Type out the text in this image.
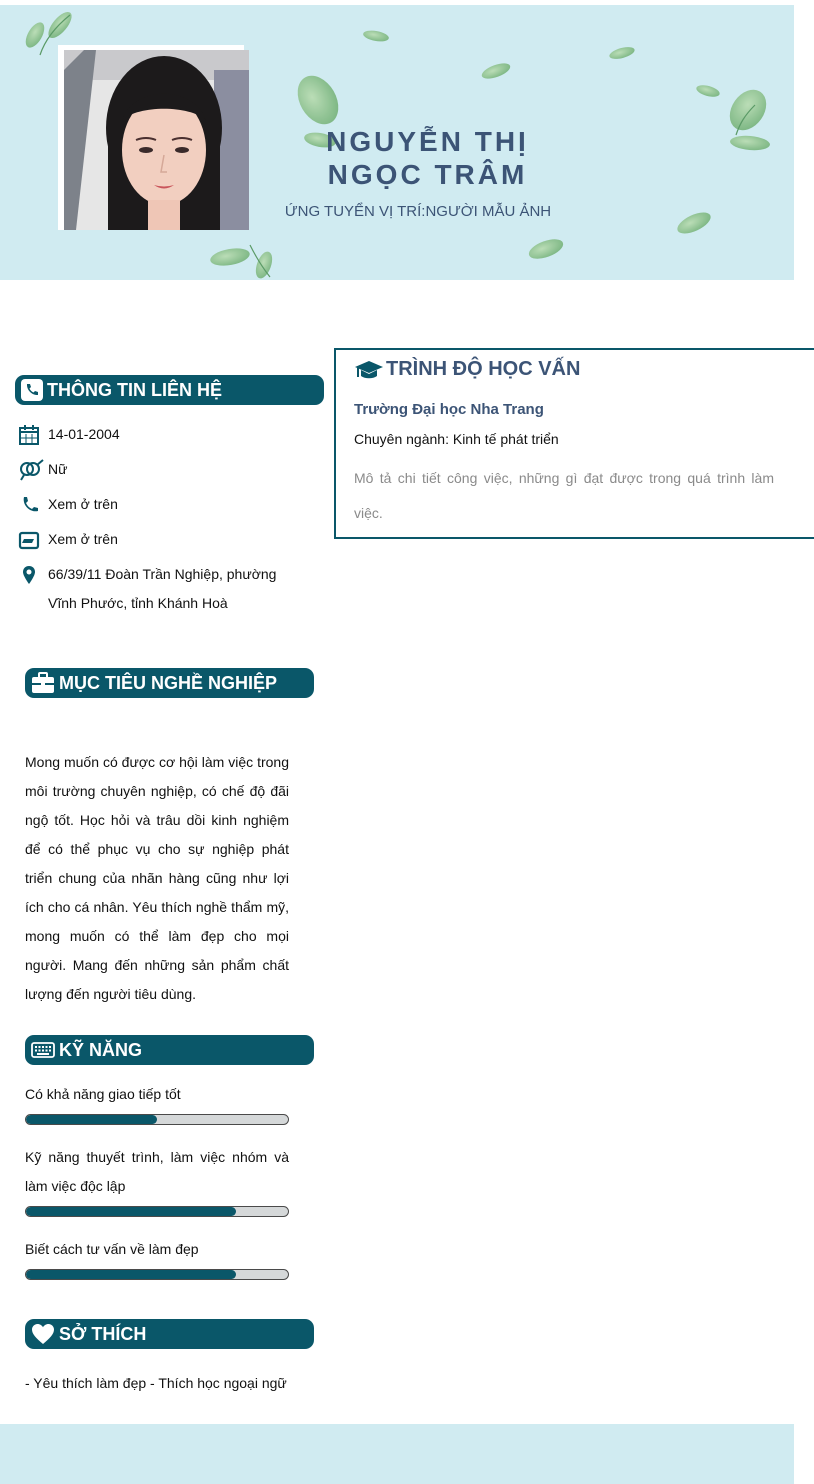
NGUYỄN THỊ
NGỌC TRÂM
ỨNG TUYỂN VỊ TRÍ:NGƯỜI MẪU ẢNH
THÔNG TIN LIÊN HỆ
14-01-2004
Nữ
Xem ở trên
Xem ở trên
66/39/11 Đoàn Trần Nghiệp, phường Vĩnh Phước, tỉnh Khánh Hoà
MỤC TIÊU NGHỀ NGHIỆP
Mong muốn có được cơ hội làm việc trong môi trường chuyên nghiệp, có chế độ đãi ngộ tốt. Học hỏi và trâu dồi kinh nghiệm để có thể phục vụ cho sự nghiệp phát triển chung của nhãn hàng cũng như lợi ích cho cá nhân. Yêu thích nghề thẩm mỹ, mong muốn có thể làm đẹp cho mọi người. Mang đến những sản phẩm chất lượng đến người tiêu dùng.
KỸ NĂNG
Có khả năng giao tiếp tốt
Kỹ năng thuyết trình, làm việc nhóm và làm việc độc lập
Biết cách tư vấn về làm đẹp
SỞ THÍCH
- Yêu thích làm đẹp - Thích học ngoại ngữ
TRÌNH ĐỘ HỌC VẤN
Trường Đại học Nha Trang
Chuyên ngành: Kinh tế phát triển
Mô tả chi tiết công việc, những gì đạt được trong quá trình làm việc.
